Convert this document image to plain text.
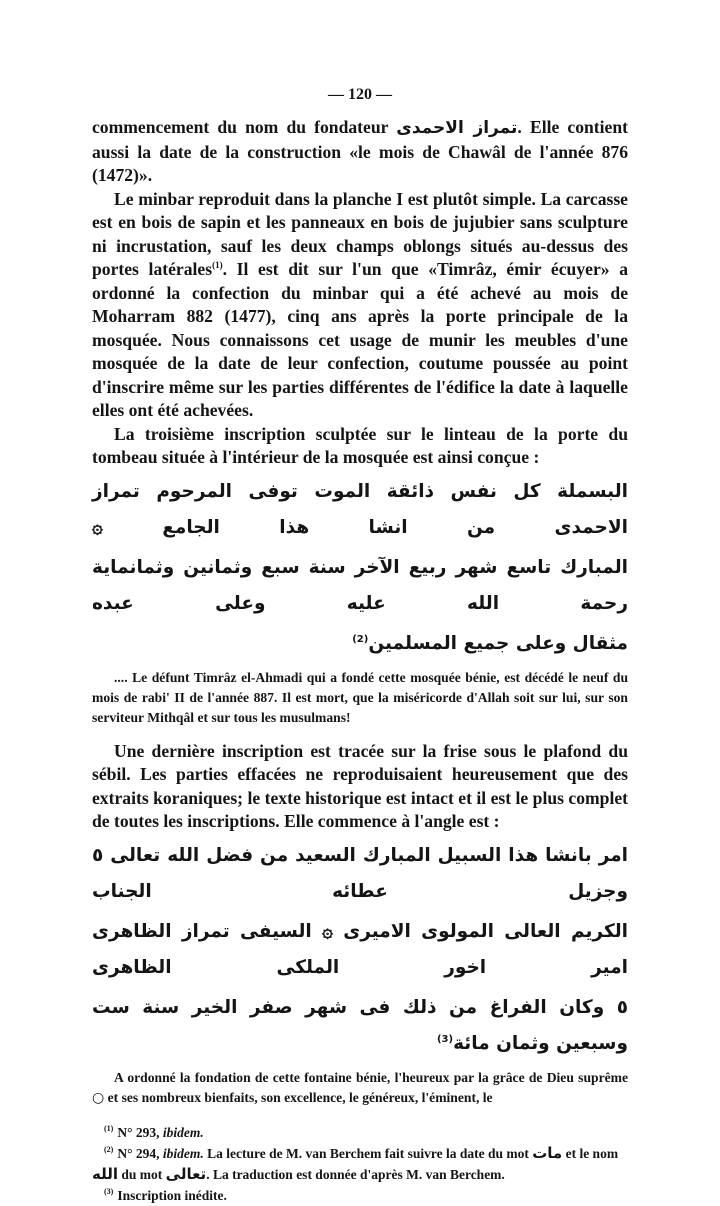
— 120 —

commencement du nom du fondateur تمراز الاحمدى. Elle contient aussi la date de la construction «le mois de Chawâl de l'année 876 (1472)».

Le minbar reproduit dans la planche I est plutôt simple. La carcasse est en bois de sapin et les panneaux en bois de jujubier sans sculpture ni incrustation, sauf les deux champs oblongs situés au-dessus des portes latérales$^{(1)}$. Il est dit sur l'un que «Timrâz, émir écuyer» a ordonné la confection du minbar qui a été achevé au mois de Moharram 882 (1477), cinq ans après la porte principale de la mosquée. Nous connaissons cet usage de munir les meubles d'une mosquée de la date de leur confection, coutume poussée au point d'inscrire même sur les parties différentes de l'édifice la date à laquelle elles ont été achevées.

La troisième inscription sculptée sur le linteau de la porte du tombeau située à l'intérieur de la mosquée est ainsi conçue :

البسملة كل نفس ذائقة الموت توفى المرحوم تمراز الاحمدى من انشا هذا الجامع ۞
المبارك تاسع شهر ربيع الآخر سنة سبع وثمانين وثمانماية رحمة الله عليه وعلى عبده
مثقال وعلى جميع المسلمين$^{(2)}$

.... Le défunt Timrâz el-Ahmadi qui a fondé cette mosquée bénie, est décédé le neuf du mois de rabi' II de l'année 887. Il est mort, que la miséricorde d'Allah soit sur lui, sur son serviteur Mithqâl et sur tous les musulmans!

Une dernière inscription est tracée sur la frise sous le plafond du sébil. Les parties effacées ne reproduisaient heureusement que des extraits koraniques; le texte historique est intact et il est le plus complet de toutes les inscriptions. Elle commence à l'angle est :

امر بانشا هذا السبيل المبارك السعيد من فضل الله تعالى ٥ وجزيل عطائه الجناب
الكريم العالى المولوى الاميرى ۞ السيفى تمراز الظاهرى امير اخور الملكى الظاهرى
٥ وكان الفراغ من ذلك فى شهر صفر الخير سنة ست وسبعين وثمان مائة$^{(3)}$

A ordonné la fondation de cette fontaine bénie, l'heureux par la grâce de Dieu suprême ○ et ses nombreux bienfaits, son excellence, le généreux, l'éminent, le

$^{(1)}$ N° 293, ibidem.
$^{(2)}$ N° 294, ibidem. La lecture de M. van Berchem fait suivre la date du mot مات et le nom الله du mot تعالى. La traduction est donnée d'après M. van Berchem.
$^{(3)}$ Inscription inédite.
